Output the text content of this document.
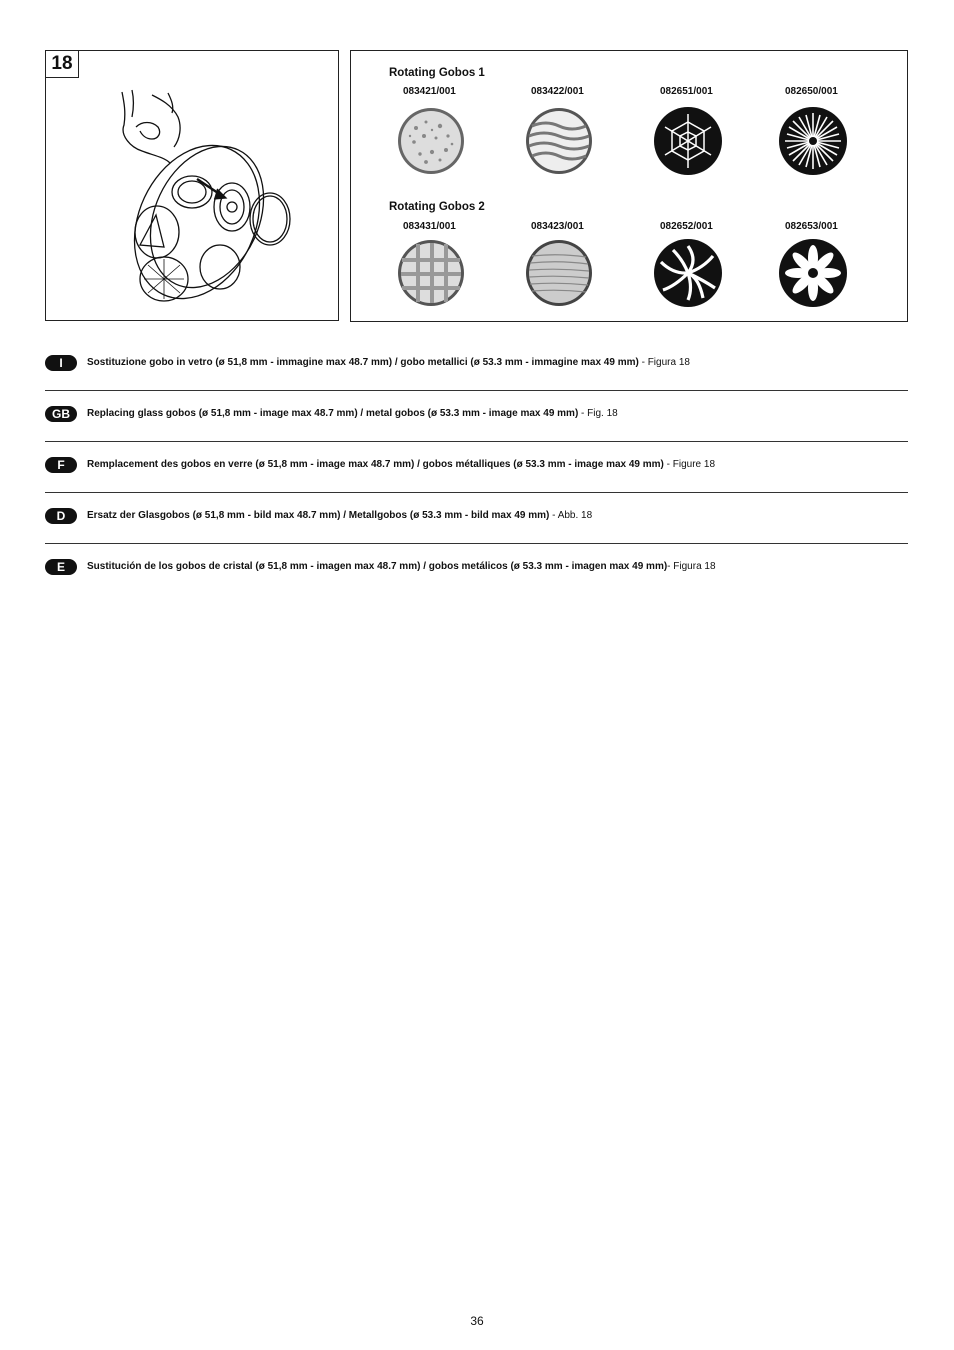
18	Rotating Gobos 1
083421/001	083422/001	082651/001	082650/001
Rotating Gobos 2
083431/001	083423/001	082652/001	082653/001
I	Sostituzione gobo in vetro (ø 51,8 mm - immagine max 48.7 mm) / gobo metallici (ø 53.3 mm - immagine max 49 mm) - Figura 18
GB	Replacing glass gobos (ø 51,8 mm - image max 48.7 mm) / metal gobos (ø 53.3 mm - image max 49 mm) - Fig. 18
F	Remplacement des gobos en verre (ø 51,8 mm - image max 48.7 mm) / gobos métalliques (ø 53.3 mm - image max 49 mm) - Figure 18
D	Ersatz der Glasgobos (ø 51,8 mm - bild max 48.7 mm) / Metallgobos (ø 53.3 mm - bild max 49 mm) - Abb. 18
E	Sustitución de los gobos de cristal (ø 51,8 mm - imagen max 48.7 mm) / gobos metálicos (ø 53.3 mm - imagen max 49 mm)- Figura 18
36
